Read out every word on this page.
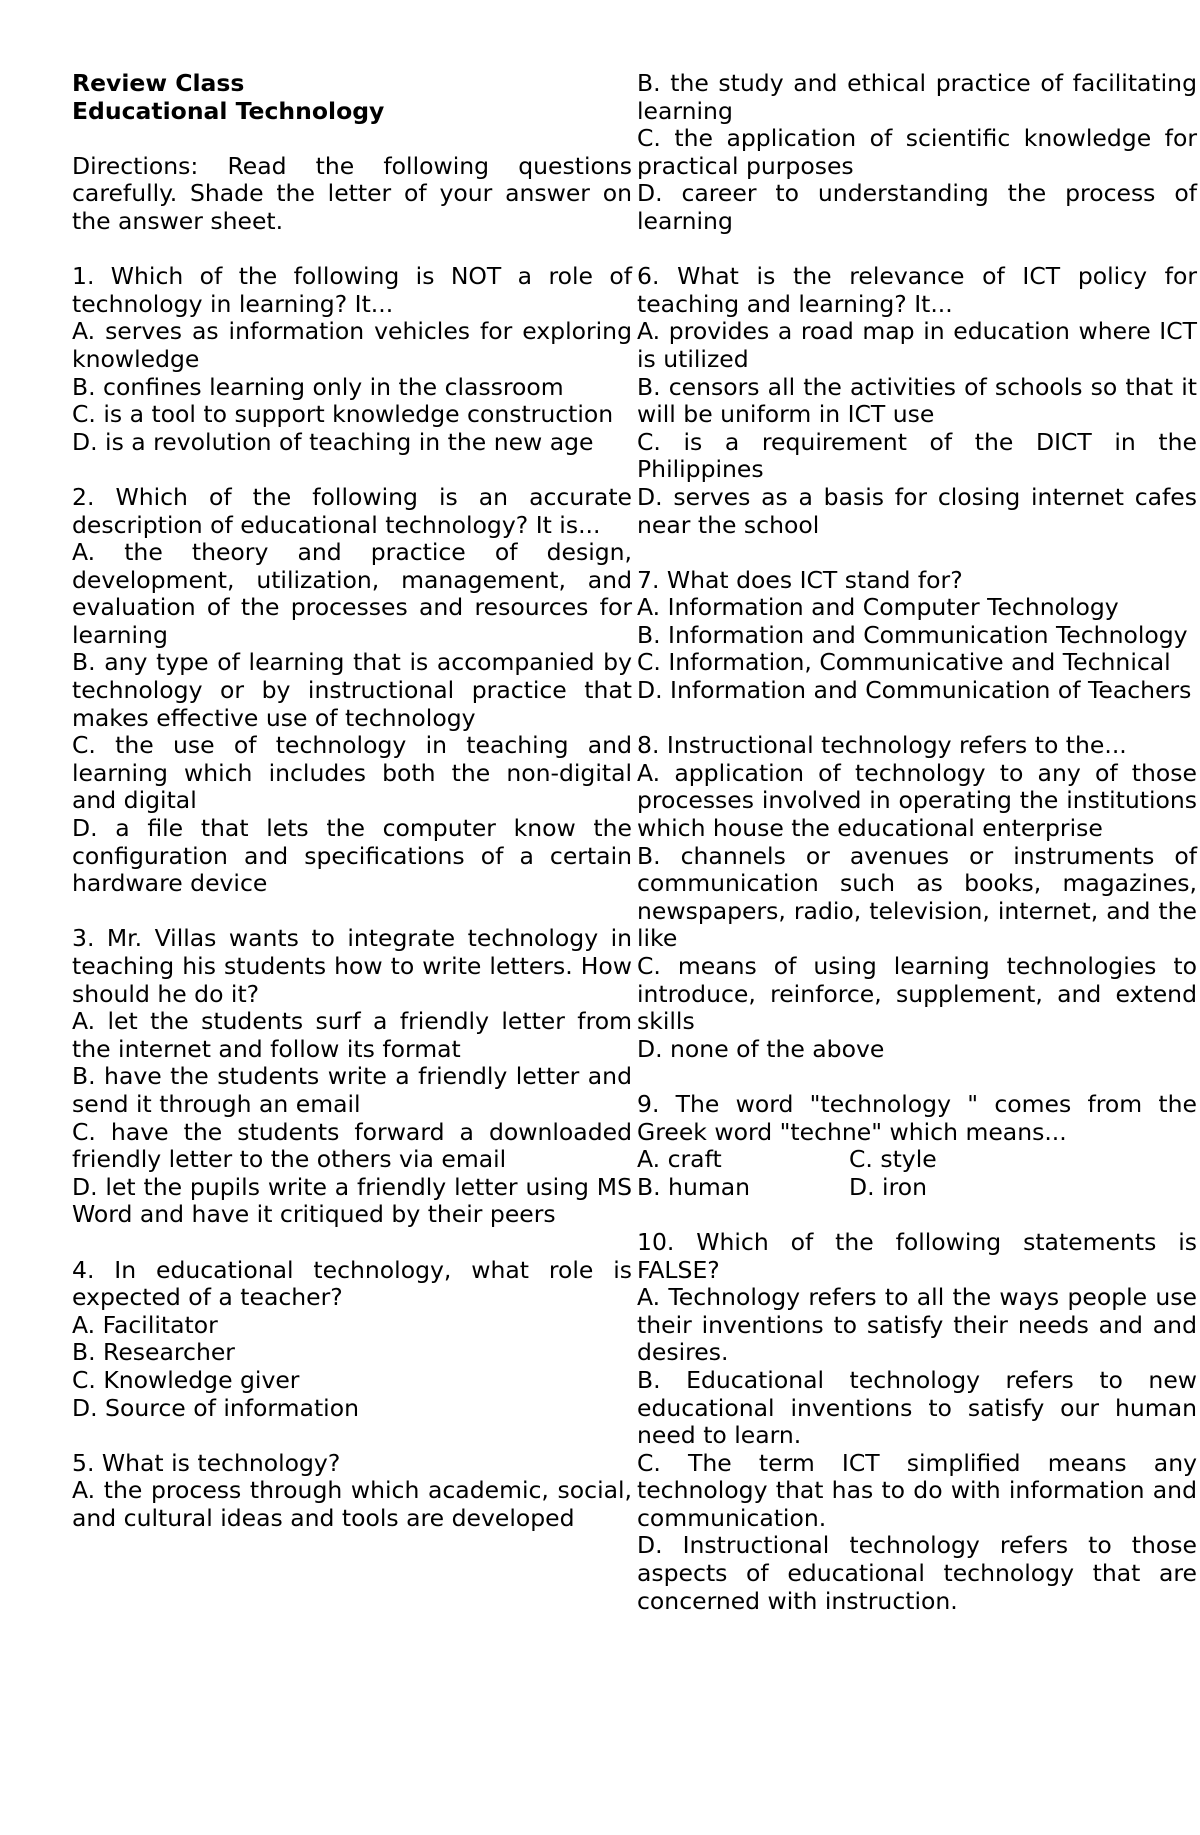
Review Class
Educational Technology
Directions: Read the following questions carefully. Shade the letter of your answer on the answer sheet.
1. Which of the following is NOT a role of technology in learning? It...
A. serves as information vehicles for exploring knowledge
B. confines learning only in the classroom
C. is a tool to support knowledge construction
D. is a revolution of teaching in the new age
2. Which of the following is an accurate description of educational technology? It is...
A. the theory and practice of design, development, utilization, management, and evaluation of the processes and resources for learning
B. any type of learning that is accompanied by technology or by instructional practice that makes effective use of technology
C. the use of technology in teaching and learning which includes both the non-digital and digital
D. a file that lets the computer know the configuration and specifications of a certain hardware device
3. Mr. Villas wants to integrate technology in teaching his students how to write letters. How should he do it?
A. let the students surf a friendly letter from the internet and follow its format
B. have the students write a friendly letter and send it through an email
C. have the students forward a downloaded friendly letter to the others via email
D. let the pupils write a friendly letter using MS Word and have it critiqued by their peers
4. In educational technology, what role is expected of a teacher?
A. Facilitator
B. Researcher
C. Knowledge giver
D. Source of information
5. What is technology?
A. the process through which academic, social, and cultural ideas and tools are developed
B. the study and ethical practice of facilitating learning
C. the application of scientific knowledge for practical purposes
D. career to understanding the process of learning
6. What is the relevance of ICT policy for teaching and learning? It...
A. provides a road map in education where ICT is utilized
B. censors all the activities of schools so that it will be uniform in ICT use
C. is a requirement of the DICT in the Philippines
D. serves as a basis for closing internet cafes near the school
7. What does ICT stand for?
A. Information and Computer Technology
B. Information and Communication Technology
C. Information, Communicative and Technical
D. Information and Communication of Teachers
8. Instructional technology refers to the...
A. application of technology to any of those processes involved in operating the institutions which house the educational enterprise
B. channels or avenues or instruments of communication such as books, magazines, newspapers, radio, television, internet, and the like
C. means of using learning technologies to introduce, reinforce, supplement, and extend skills
D. none of the above
9. The word "technology " comes from the Greek word "techne" which means...
A. craft	C. style
B. human	D. iron
10. Which of the following statements is FALSE?
A. Technology refers to all the ways people use their inventions to satisfy their needs and and desires.
B. Educational technology refers to new educational inventions to satisfy our human need to learn.
C. The term ICT simplified means any technology that has to do with information and communication.
D. Instructional technology refers to those aspects of educational technology that are concerned with instruction.
